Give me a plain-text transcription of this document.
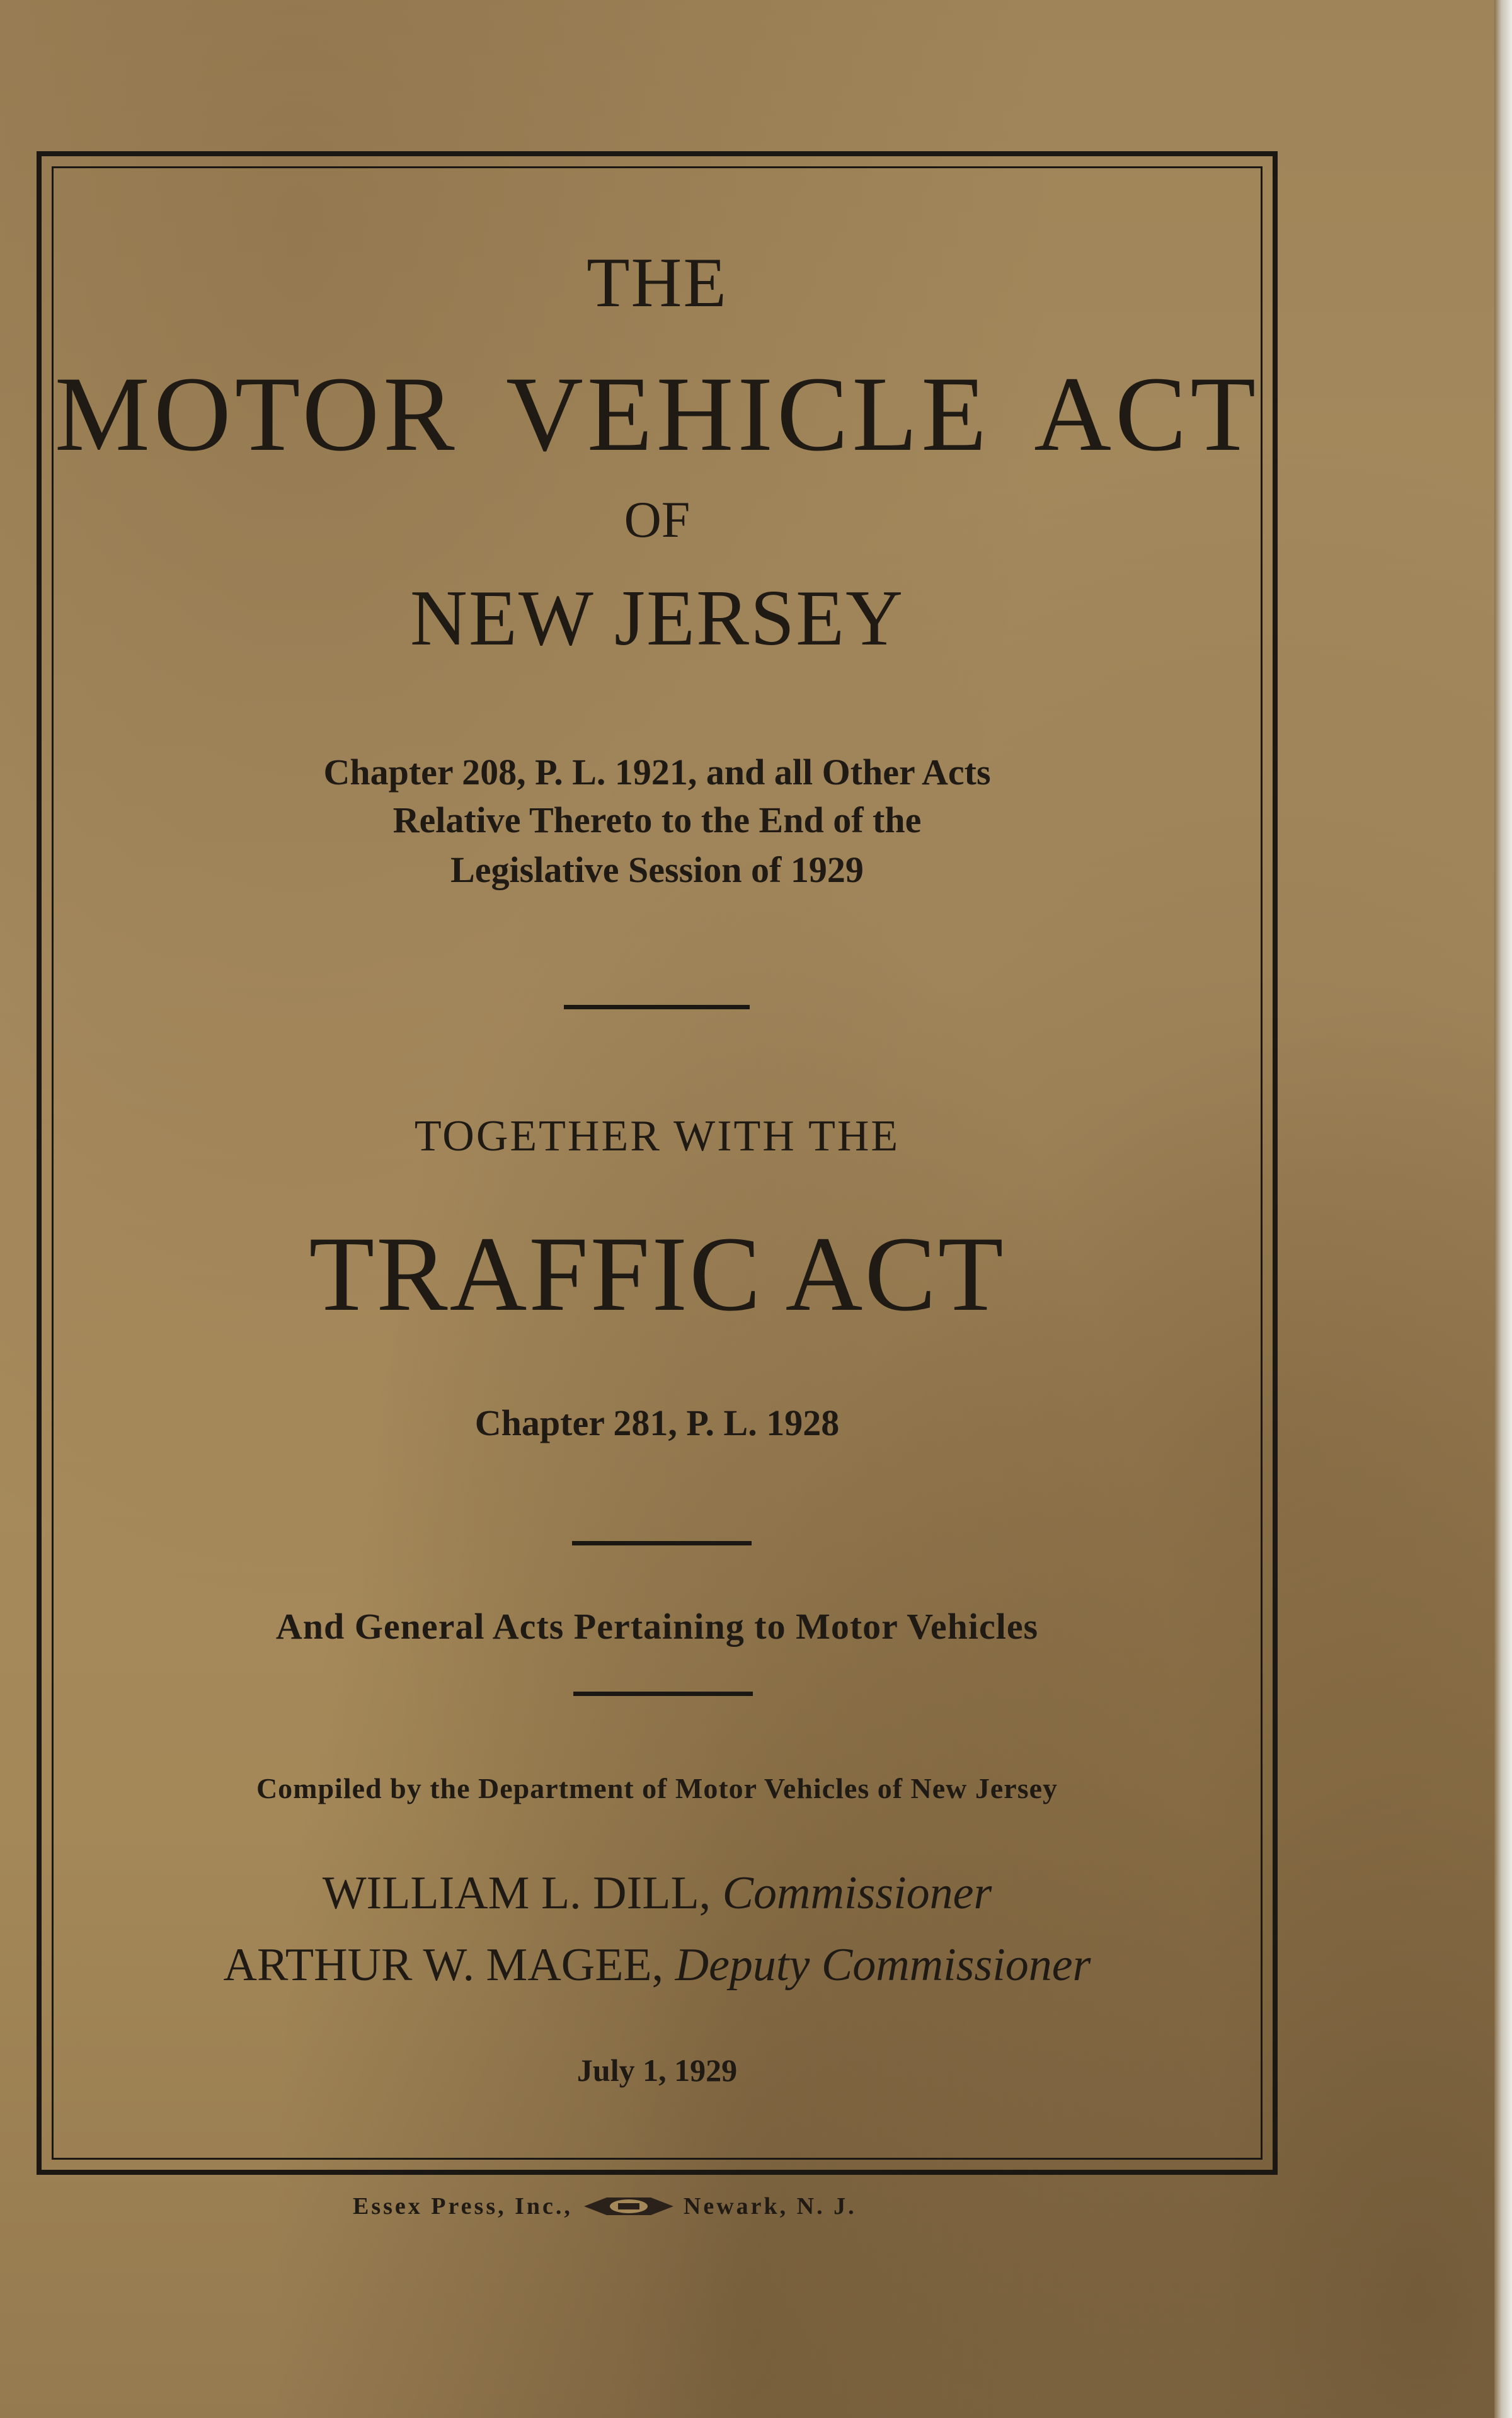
THE

MOTOR VEHICLE ACT

OF

NEW JERSEY

Chapter 208, P. L. 1921, and all Other Acts

Relative Thereto to the End of the

Legislative Session of 1929

TOGETHER WITH THE

TRAFFIC ACT

Chapter 281, P. L. 1928

And General Acts Pertaining to Motor Vehicles

Compiled by the Department of Motor Vehicles of New Jersey

WILLIAM L. DILL, Commissioner

ARTHUR W. MAGEE, Deputy Commissioner

July 1, 1929

Essex Press, Inc.,	Newark, N. J.
